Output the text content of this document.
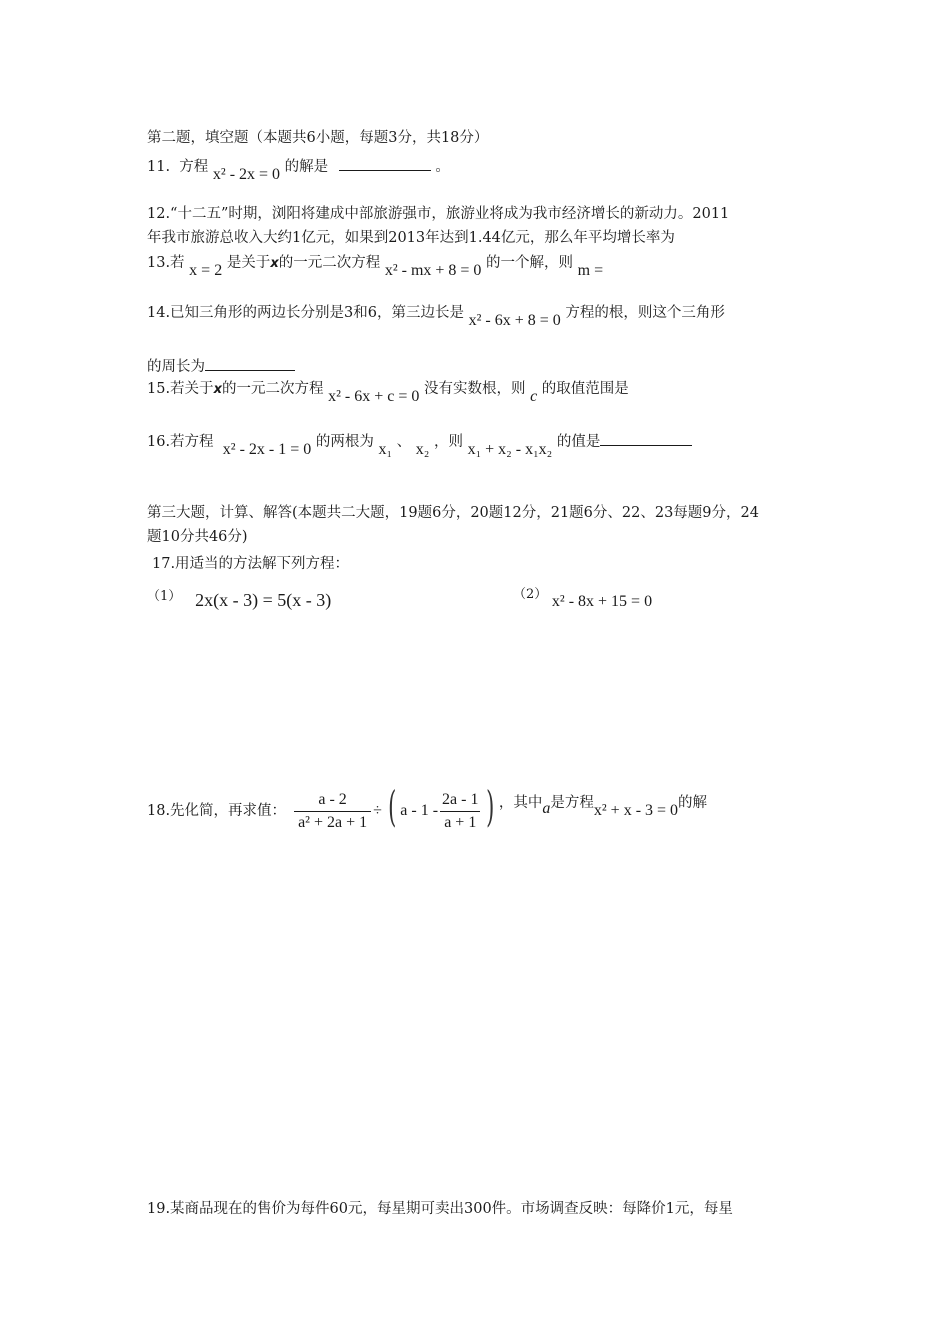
第二题，填空题（本题共6小题，每题3分，共18分）
11. 方程 x² - 2x = 0 的解是	。
12.“十二五”时期，浏阳将建成中部旅游强市，旅游业将成为我市经济增长的新动力。2011
年我市旅游总收入大约1亿元，如果到2013年达到1.44亿元，那么年平均增长率为
13.若 x = 2 是关于x的一元二次方程 x² - mx + 8 = 0 的一个解，则 m =
14.已知三角形的两边长分别是3和6，第三边长是 x² - 6x + 8 = 0 方程的根，则这个三角形
的周长为
15.若关于x的一元二次方程 x² - 6x + c = 0 没有实数根，则 c 的取值范围是
16.若方程 x² - 2x - 1 = 0 的两根为 x₁ 、 x₂ ，则 x₁ + x₂ - x₁x₂ 的值是
第三大题，计算、解答(本题共二大题，19题6分，20题12分，21题6分、22、23每题9分，24
题10分共46分)
17.用适当的方法解下列方程：
（1） 2x(x - 3) = 5(x - 3)	（2） x² - 8x + 15 = 0
18.先化简，再求值： $\frac{a - 2}{\text{a² + 2a + 1}}$ ÷ ( a - $1 - \frac{2a - 1}{a + 1}$ ) ，其中 a 是方程 x² + x - 3 = 0 的解
19.某商品现在的售价为每件60元，每星期可卖出300件。市场调查反映：每降价1元，每星
